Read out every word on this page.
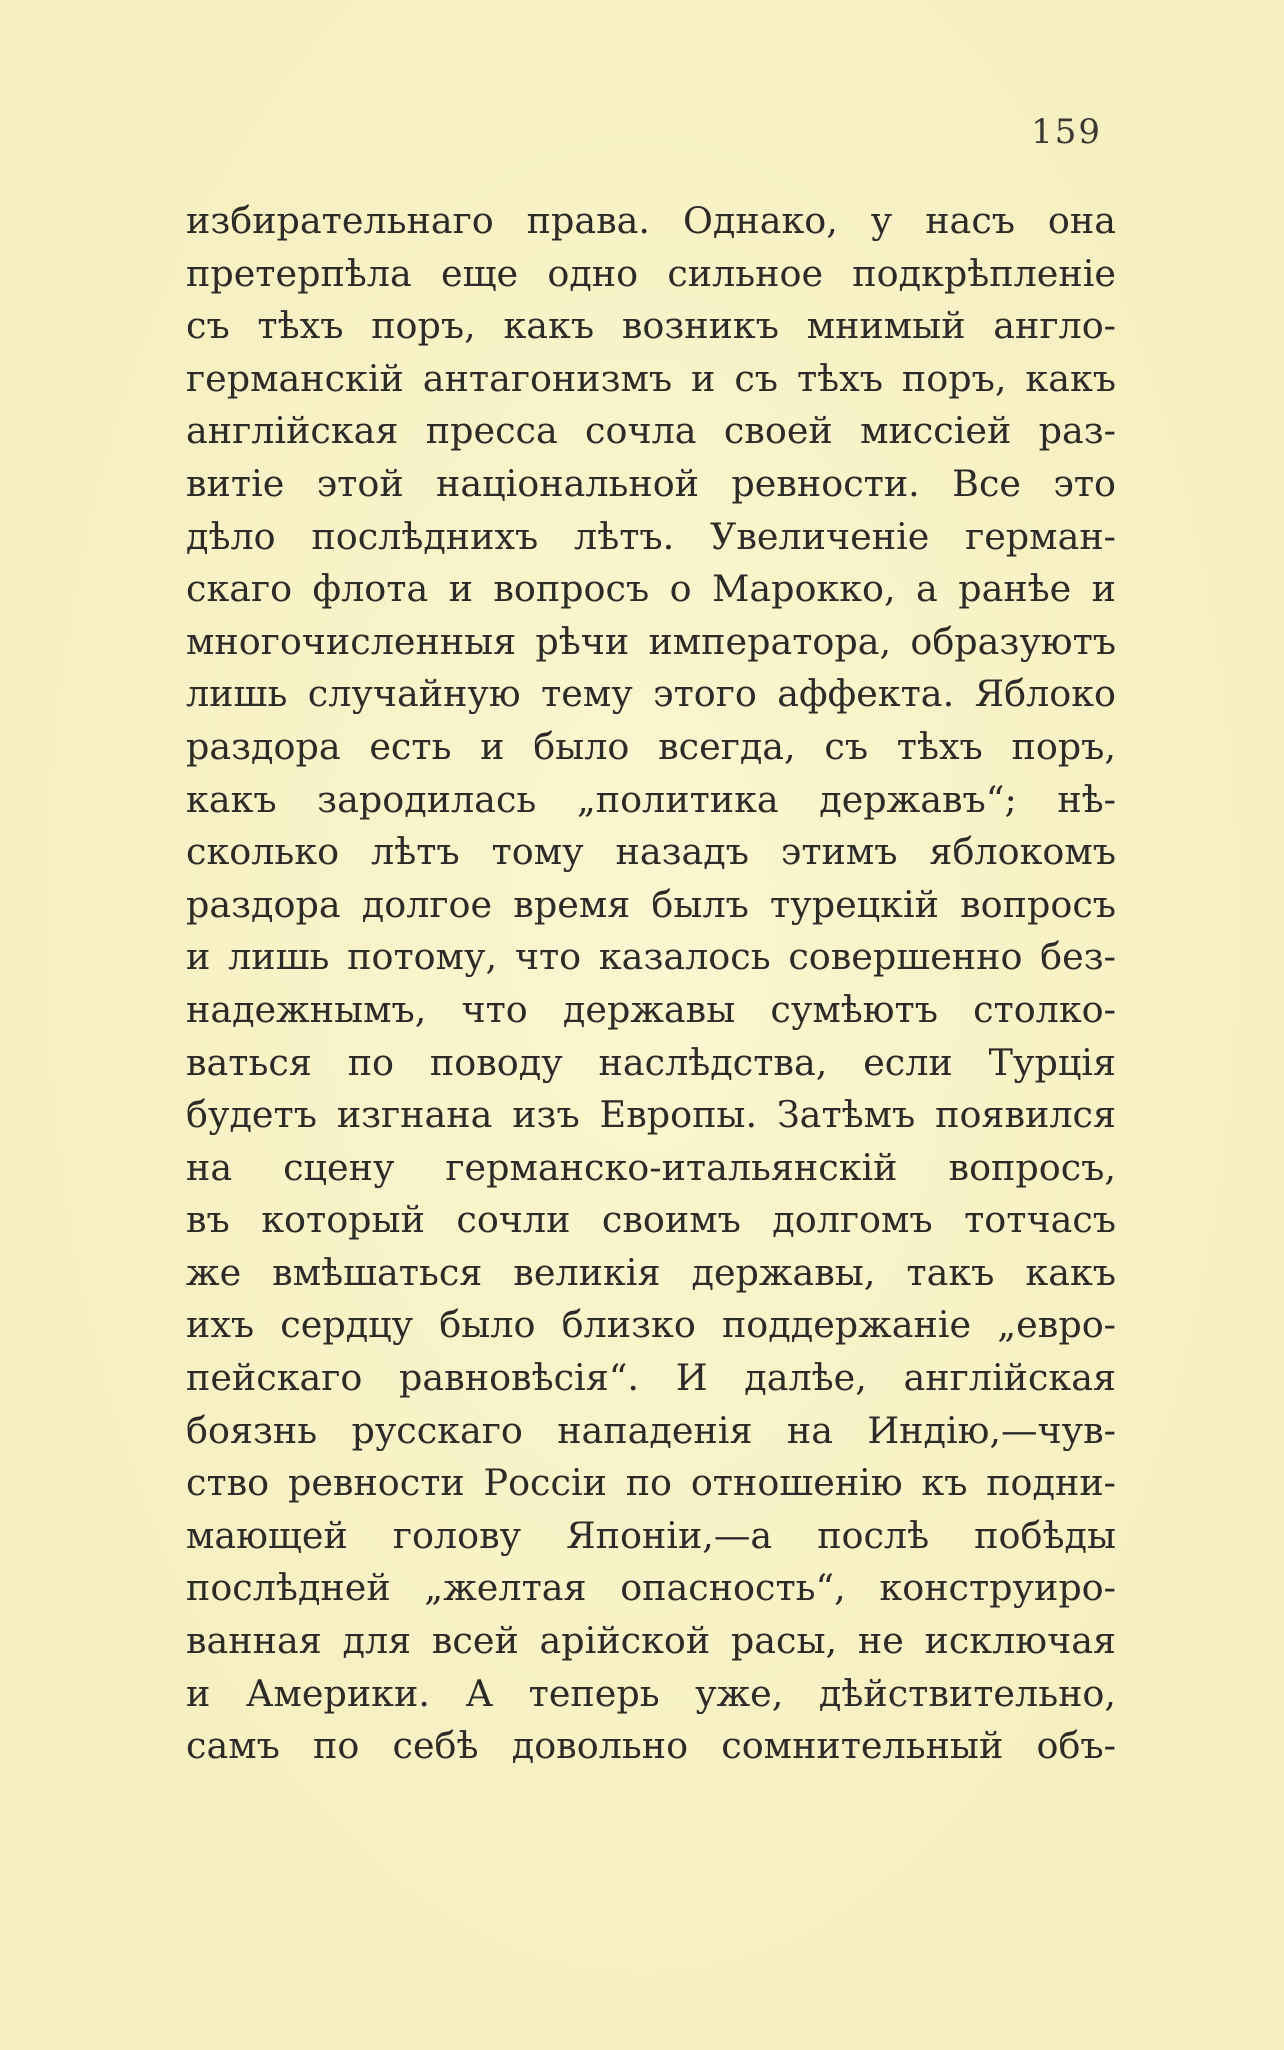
159
избирательнаго права. Однако, у насъ она
претерпѣла еще одно сильное подкрѣпленіе
съ тѣхъ поръ, какъ возникъ мнимый англо-
германскій антагонизмъ и съ тѣхъ поръ, какъ
англійская пресса сочла своей миссіей раз-
витіе этой національной ревности. Все это
дѣло послѣднихъ лѣтъ. Увеличеніе герман-
скаго флота и вопросъ о Марокко, а ранѣе и
многочисленныя рѣчи императора, образуютъ
лишь случайную тему этого аффекта. Яблоко
раздора есть и было всегда, съ тѣхъ поръ,
какъ зародилась „политика державъ“; нѣ-
сколько лѣтъ тому назадъ этимъ яблокомъ
раздора долгое время былъ турецкій вопросъ
и лишь потому, что казалось совершенно без-
надежнымъ, что державы сумѣютъ столко-
ваться по поводу наслѣдства, если Турція
будетъ изгнана изъ Европы. Затѣмъ появился
на сцену германско-итальянскій вопросъ,
въ который сочли своимъ долгомъ тотчасъ
же вмѣшаться великія державы, такъ какъ
ихъ сердцу было близко поддержаніе „евро-
пейскаго равновѣсія“. И далѣе, англійская
боязнь русскаго нападенія на Индію,—чув-
ство ревности Россіи по отношенію къ подни-
мающей голову Японіи,—а послѣ побѣды
послѣдней „желтая опасность“, конструиро-
ванная для всей арійской расы, не исключая
и Америки. А теперь уже, дѣйствительно,
самъ по себѣ довольно сомнительный объ-
